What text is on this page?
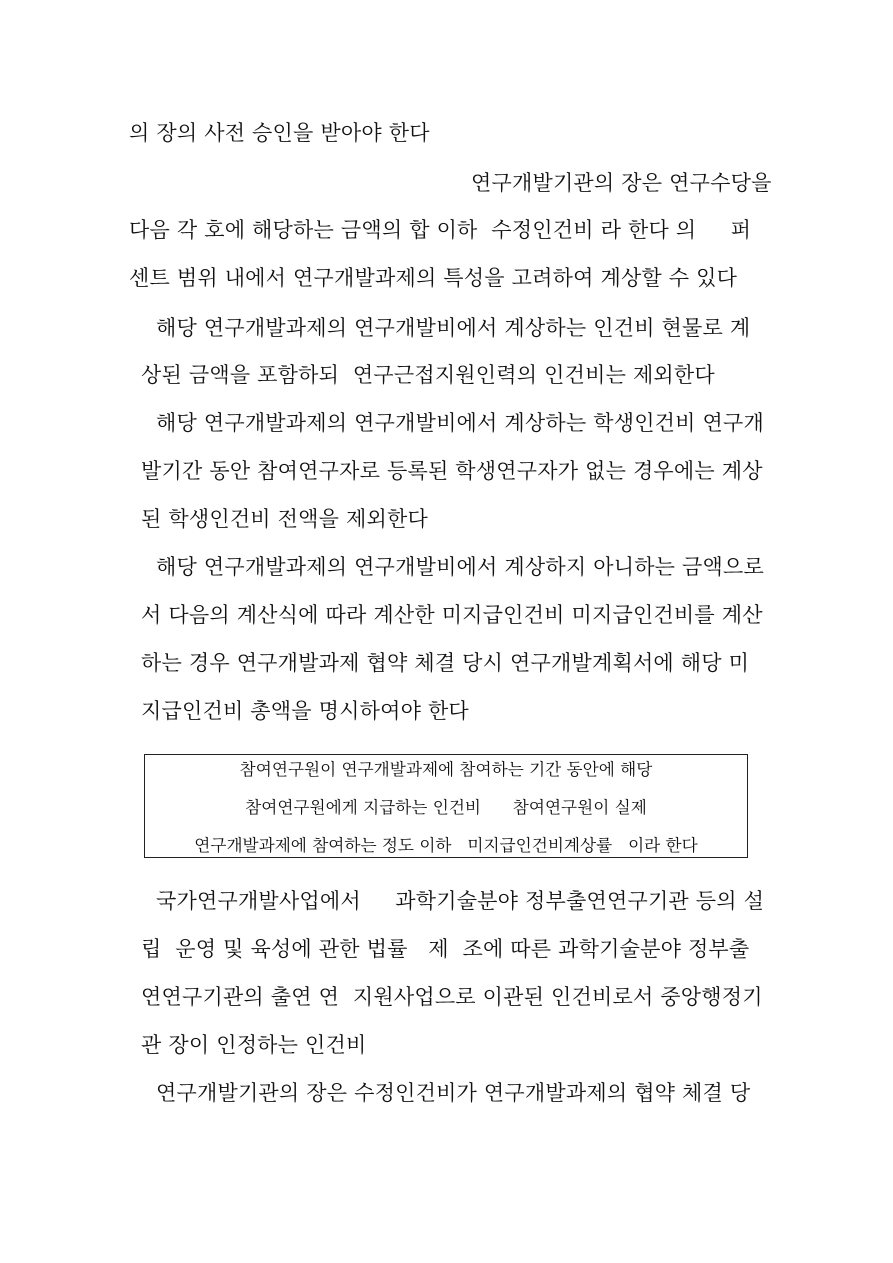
의 장의 사전 승인을 받아야 한다
연구개발기관의 장은 연구수당을
다음 각 호에 해당하는 금액의 합 이하  수정인건비 라 한다 의     퍼
센트 범위 내에서 연구개발과제의 특성을 고려하여 계상할 수 있다
해당 연구개발과제의 연구개발비에서 계상하는 인건비 현물로 계
상된 금액을 포함하되  연구근접지원인력의 인건비는 제외한다
해당 연구개발과제의 연구개발비에서 계상하는 학생인건비 연구개
발기간 동안 참여연구자로 등록된 학생연구자가 없는 경우에는 계상
된 학생인건비 전액을 제외한다
해당 연구개발과제의 연구개발비에서 계상하지 아니하는 금액으로
서 다음의 계산식에 따라 계산한 미지급인건비 미지급인건비를 계산
하는 경우 연구개발과제 협약 체결 당시 연구개발계획서에 해당 미
지급인건비 총액을 명시하여야 한다
참여연구원이 연구개발과제에 참여하는 기간 동안에 해당
참여연구원에게 지급하는 인건비      참여연구원이 실제
연구개발과제에 참여하는 정도 이하   미지급인건비계상률   이라 한다
국가연구개발사업에서     과학기술분야 정부출연연구기관 등의 설
립  운영 및 육성에 관한 법률   제  조에 따른 과학기술분야 정부출
연연구기관의 출연 연  지원사업으로 이관된 인건비로서 중앙행정기
관 장이 인정하는 인건비
연구개발기관의 장은 수정인건비가 연구개발과제의 협약 체결 당
